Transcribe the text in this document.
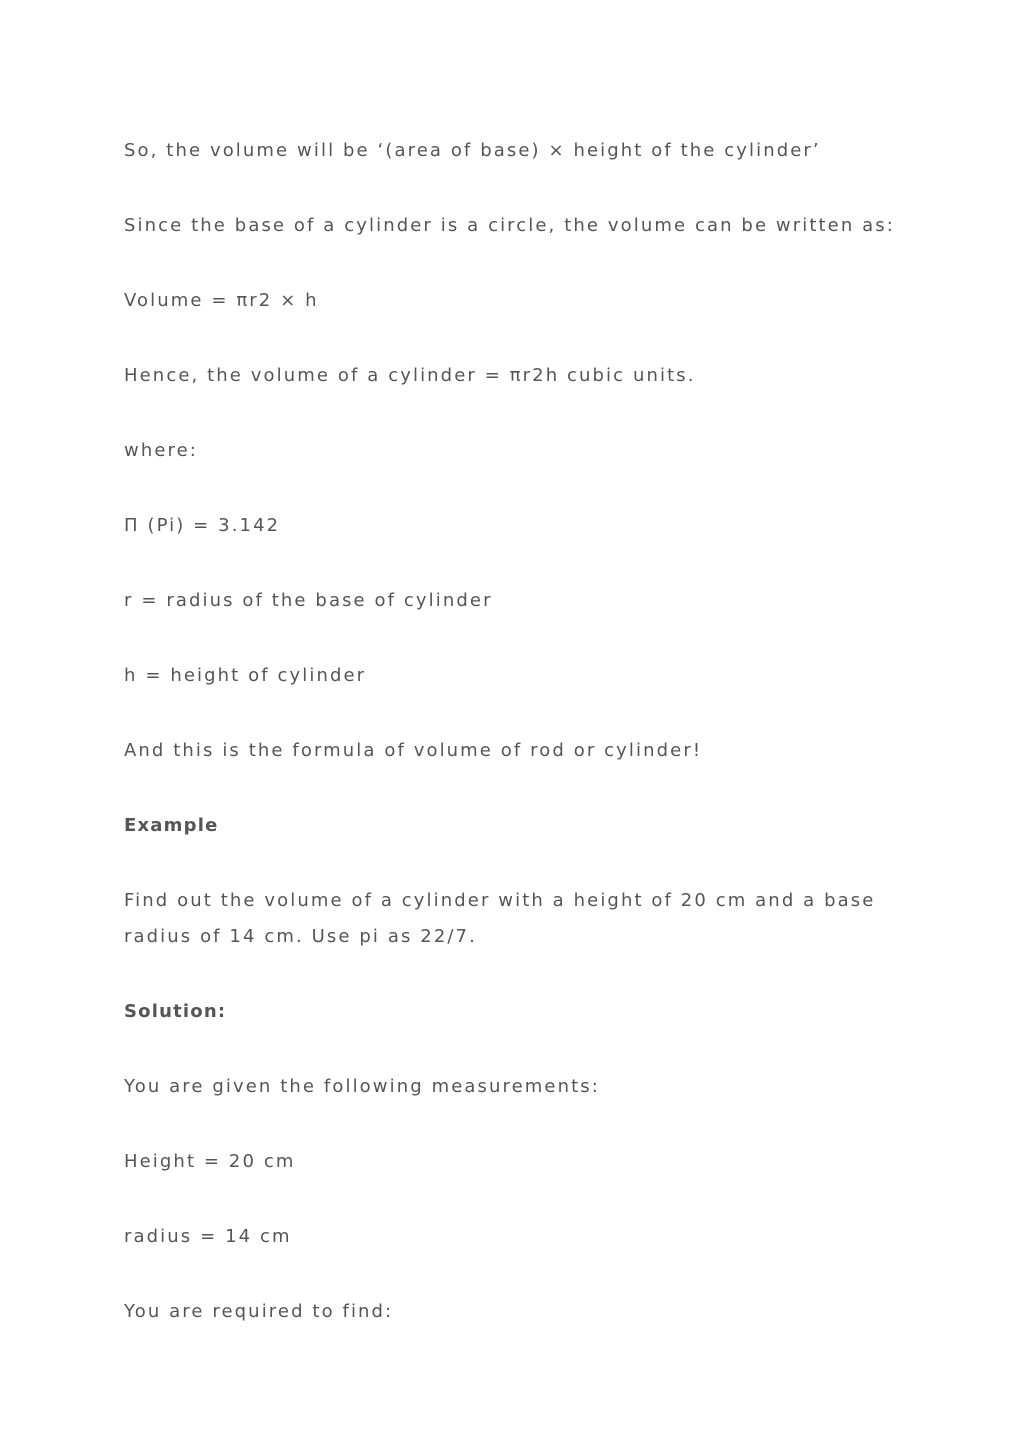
So, the volume will be ‘(area of base) × height of the cylinder’

Since the base of a cylinder is a circle, the volume can be written as:

Volume = πr2 × h

Hence, the volume of a cylinder = πr2h cubic units.

where:

Π (Pi) = 3.142

r = radius of the base of cylinder

h = height of cylinder

And this is the formula of volume of rod or cylinder!

Example

Find out the volume of a cylinder with a height of 20 cm and a base radius of 14 cm. Use pi as 22/7.

Solution:

You are given the following measurements:

Height = 20 cm

radius = 14 cm

You are required to find:
